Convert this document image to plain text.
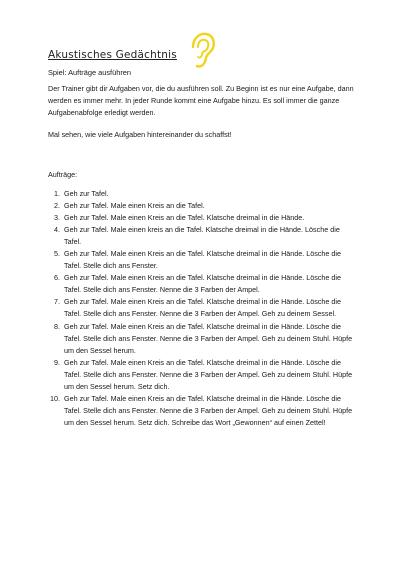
Akustisches Gedächtnis
Spiel: Aufträge ausführen

Der Trainer gibt dir Aufgaben vor, die du ausführen soll. Zu Beginn ist es nur eine Aufgabe, dann werden es immer mehr. In jeder Runde kommt eine Aufgabe hinzu. Es soll immer die ganze Aufgabenabfolge erledigt werden.

Mal sehen, wie viele Aufgaben hintereinander du schaffst!
Aufträge:
1. Geh zur Tafel.
2. Geh zur Tafel. Male einen Kreis an die Tafel.
3. Geh zur Tafel. Male einen Kreis an die Tafel. Klatsche dreimal in die Hände.
4. Geh zur Tafel. Male einen kreis an die Tafel. Klatsche dreimal in die Hände. Lösche die Tafel.
5. Geh zur Tafel. Male einen Kreis an die Tafel. Klatsche dreimal in die Hände. Lösche die Tafel. Stelle dich ans Fenster.
6. Geh zur Tafel. Male einen Kreis an die Tafel. Klatsche dreimal in die Hände. Lösche die Tafel. Stelle dich ans Fenster. Nenne die 3 Farben der Ampel.
7. Geh zur Tafel. Male einen Kreis an die Tafel. Klatsche dreimal in die Hände. Lösche die Tafel. Stelle dich ans Fenster. Nenne die 3 Farben der Ampel. Geh zu deinem Sessel.
8. Geh zur Tafel. Male einen Kreis an die Tafel. Klatsche dreimal in die Hände. Lösche die Tafel. Stelle dich ans Fenster. Nenne die 3 Farben der Ampel. Geh zu deinem Stuhl. Hüpfe um den Sessel herum.
9. Geh zur Tafel. Male einen Kreis an die Tafel. Klatsche dreimal in die Hände. Lösche die Tafel. Stelle dich ans Fenster. Nenne die 3 Farben der Ampel. Geh zu deinem Stuhl. Hüpfe um den Sessel herum. Setz dich.
10. Geh zur Tafel. Male einen Kreis an die Tafel. Klatsche dreimal in die Hände. Lösche die Tafel. Stelle dich ans Fenster. Nenne die 3 Farben der Ampel. Geh zu deinem Stuhl. Hüpfe um den Sessel herum. Setz dich. Schreibe das Wort „Gewonnen“ auf einen Zettel!
